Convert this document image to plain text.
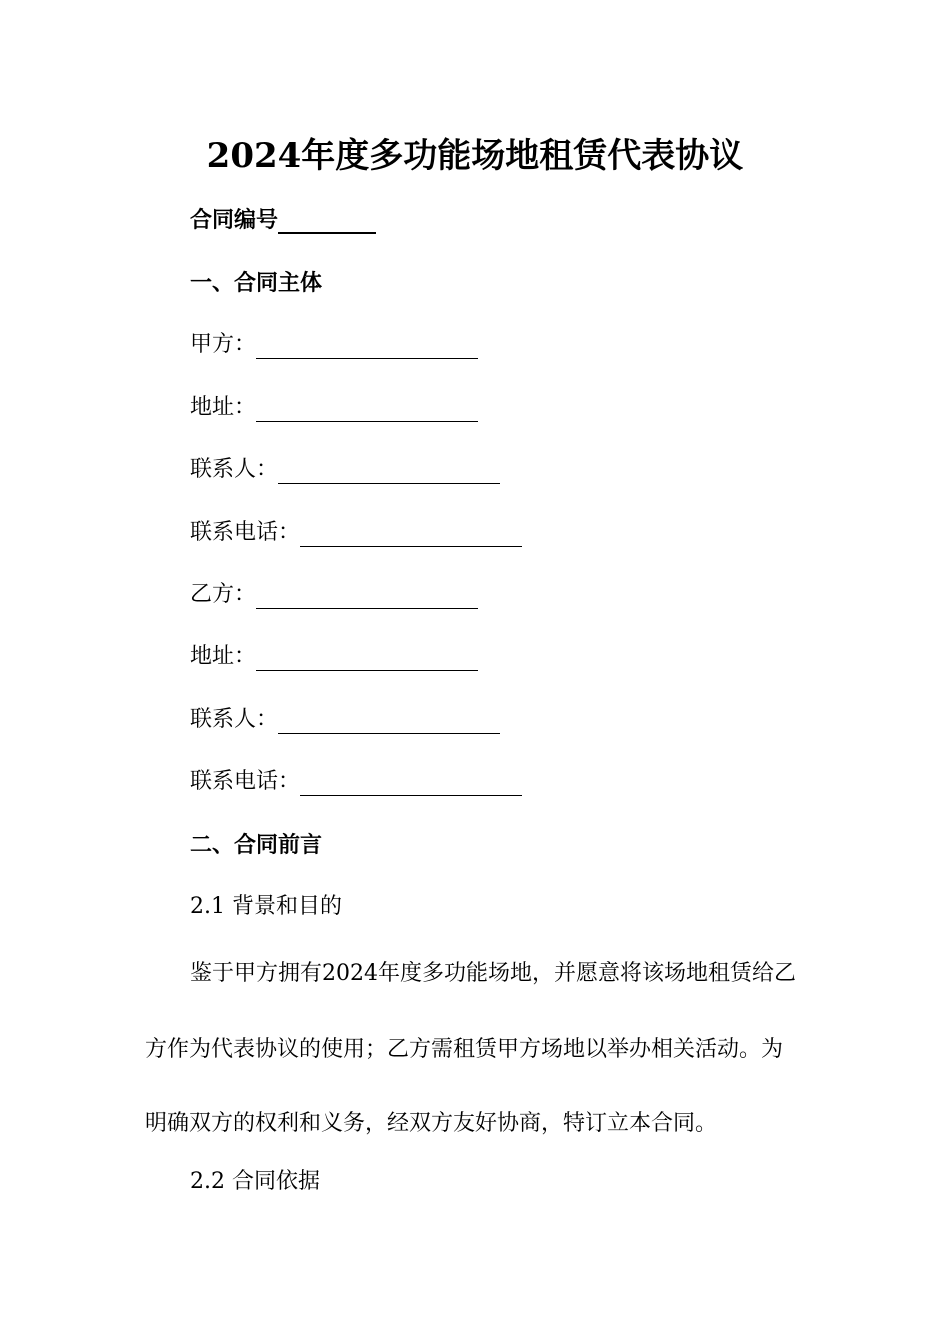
2024年度多功能场地租赁代表协议
合同编号
一、合同主体
甲方：
地址：
联系人：
联系电话：
乙方：
地址：
联系人：
联系电话：
二、合同前言
2.1 背景和目的
鉴于甲方拥有2024年度多功能场地，并愿意将该场地租赁给乙
方作为代表协议的使用；乙方需租赁甲方场地以举办相关活动。为
明确双方的权利和义务，经双方友好协商，特订立本合同。
2.2 合同依据
